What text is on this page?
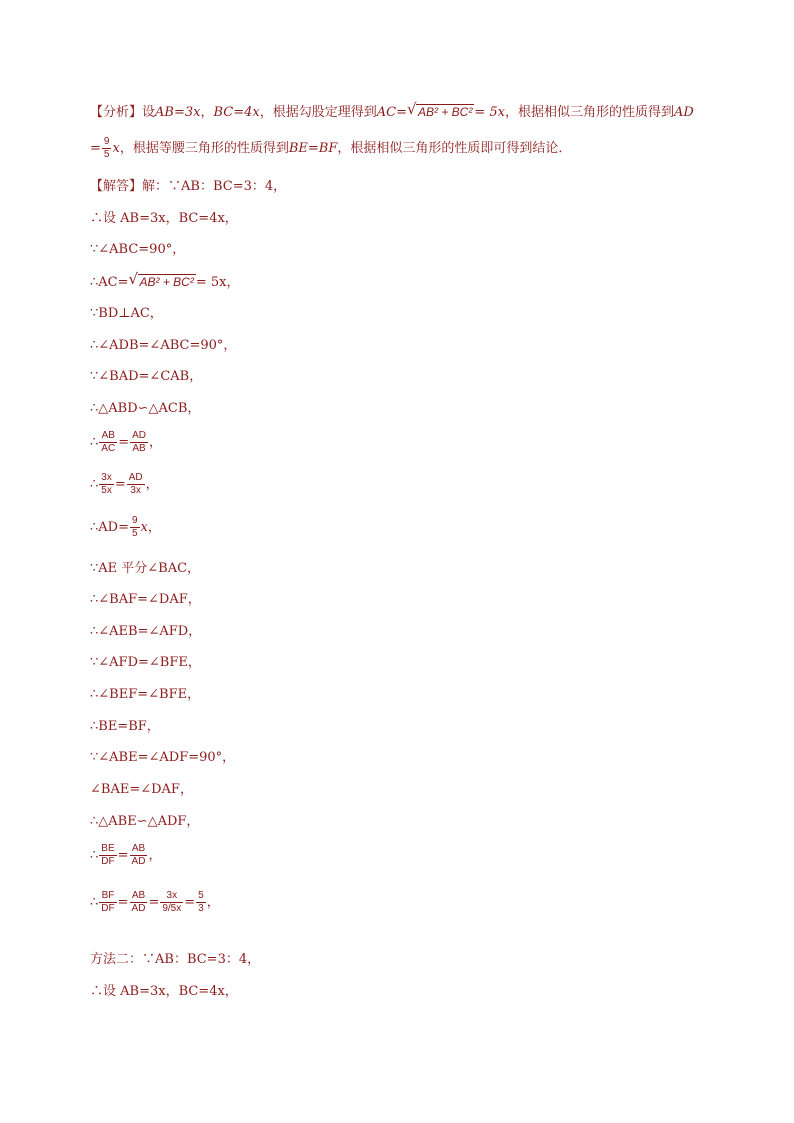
【分析】设AB=3x，BC=4x，根据勾股定理得到AC= √ AB² + BC² = 5x，根据相似三角形的性质得到AD
= $\frac{9}{5}$ x，根据等腰三角形的性质得到BE=BF，根据相似三角形的性质即可得到结论．
【解答】解：∵AB：BC=3：4，
∴设 AB=3x，BC=4x，
∵∠ABC=90°，
∴AC= √ AB² + BC² = 5x，
∵BD⊥AC，
∴∠ADB=∠ABC=90°，
∵∠BAD=∠CAB，
∴△ABD∽△ACB，
∴ $\frac{AB}{AC} = \frac{AD}{AB}$ ，
∴ $\frac{3x}{5x} = \frac{AD}{3x}$ ，
∴AD= $\frac{9}{5}$ x，
∵AE 平分∠BAC，
∴∠BAF=∠DAF，
∴∠AEB=∠AFD，
∵∠AFD=∠BFE，
∴∠BEF=∠BFE，
∴BE=BF，
∵∠ABE=∠ADF=90°，
∠BAE=∠DAF，
∴△ABE∽△ADF，
∴ $\frac{BE}{DF} = \frac{AB}{AD}$ ，
∴ $\frac{BF}{DF} = \frac{AB}{AD} = \frac{3x}{9/5x} = \frac{5}{3}$ ，
方法二：∵AB：BC=3：4，
∴设 AB=3x，BC=4x，
